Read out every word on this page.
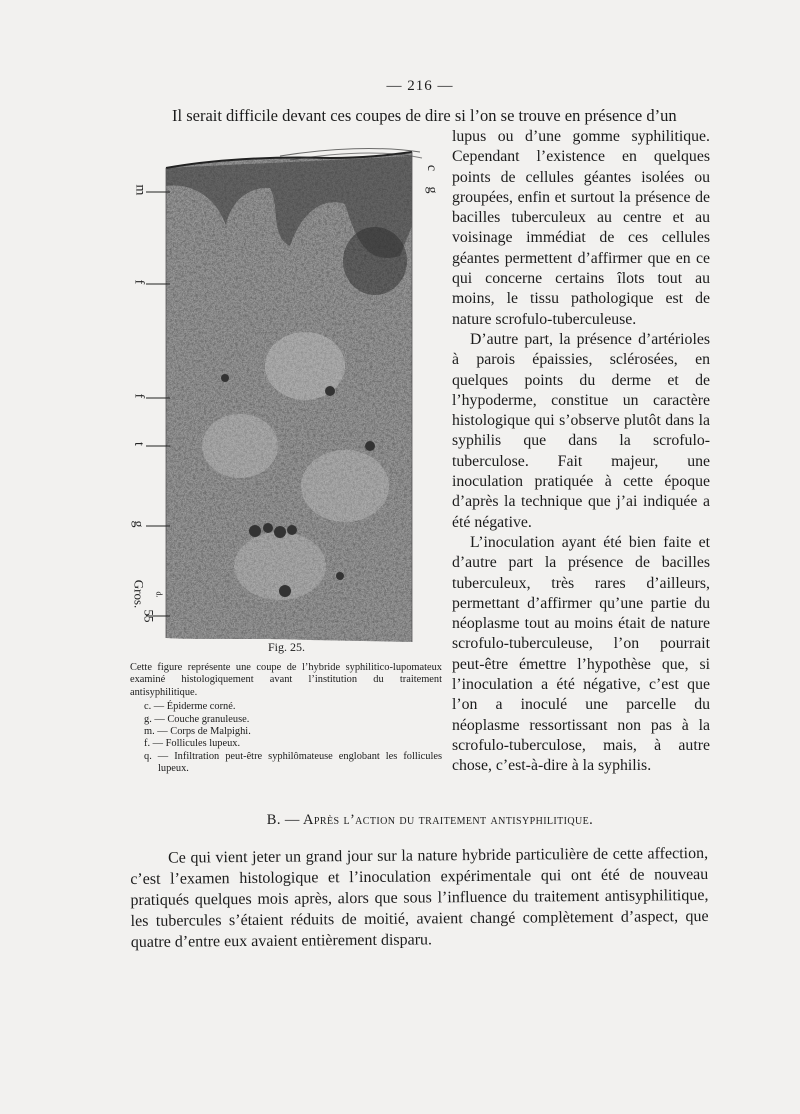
— 216 —
Il serait difficile devant ces coupes de dire si l’on se trouve en présence d’un
c
g
m
f
f
t
g
Gros.
55
d.
Fig. 25.

Cette figure représente une coupe de l’hybride syphilitico-lupomateux examiné histologiquement avant l’institution du traitement antisyphilitique.

c. — Épiderme corné.
g. — Couche granuleuse.
m. — Corps de Malpighi.
f. — Follicules lupeux.
q. — Infiltration peut-être syphilômateuse englobant les follicules lupeux.

lupus ou d’une gomme syphilitique. Cependant l’existence en quelques points de cellules géantes isolées ou groupées, enfin et surtout la présence de bacilles tuberculeux au centre et au voisinage immédiat de ces cellules géantes permettent d’affirmer que en ce qui concerne certains îlots tout au moins, le tissu pathologique est de nature scrofulo-tuberculeuse.

D’autre part, la présence d’artérioles à parois épaissies, sclérosées, en quelques points du derme et de l’hypoderme, constitue un caractère histologique qui s’observe plutôt dans la syphilis que dans la scrofulo-tuberculose. Fait majeur, une inoculation pratiquée à cette époque d’après la technique que j’ai indiquée a été négative.

L’inoculation ayant été bien faite et d’autre part la présence de bacilles tuberculeux, très rares d’ailleurs, permettant d’affirmer qu’une partie du néoplasme tout au moins était de nature scrofulo-tuberculeuse, l’on pourrait peut-être émettre l’hypothèse que, si l’inoculation a été négative, c’est que l’on a inoculé une parcelle du néoplasme ressortissant non pas à la scrofulo-tuberculose, mais, à autre chose, c’est-à-dire à la syphilis.

B. — Après l’action du traitement antisyphilitique.

Ce qui vient jeter un grand jour sur la nature hybride particulière de cette affection, c’est l’examen histologique et l’inoculation expérimentale qui ont été de nouveau pratiqués quelques mois après, alors que sous l’influence du traitement antisyphilitique, les tubercules s’étaient réduits de moitié, avaient changé complètement d’aspect, que quatre d’entre eux avaient entièrement disparu.
